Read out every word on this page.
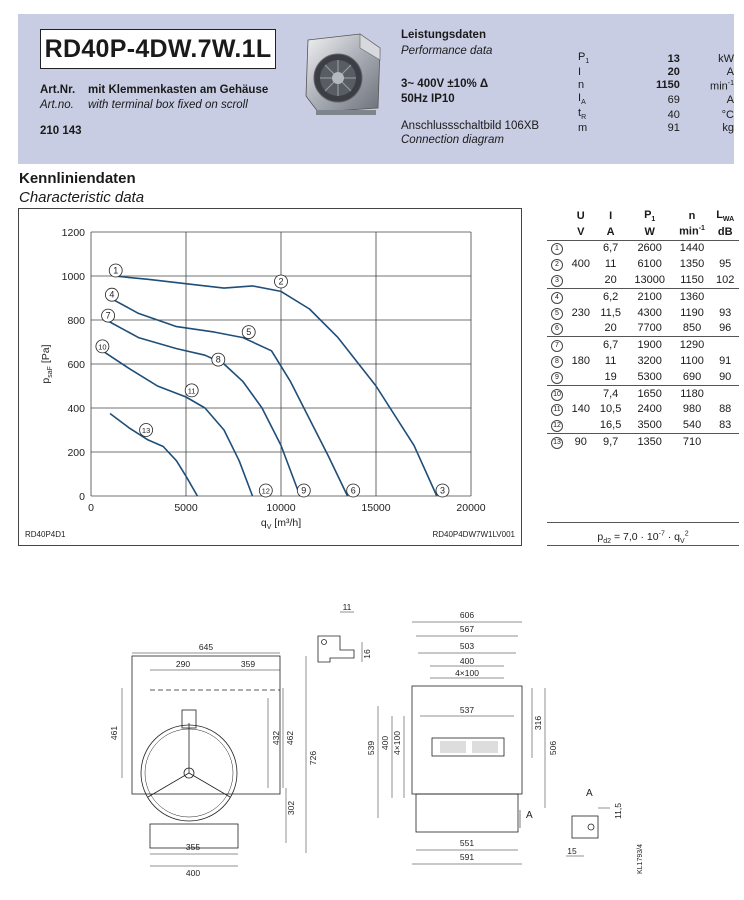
RD40P-4DW.7W.1L
Art.Nr. mit Klemmenkasten am Gehäuse
Art.no. with terminal box fixed on scroll
210 143
Leistungsdaten
Performance data
3~ 400V ±10% Δ
50Hz IP10
Anschlussschaltbild 106XB
Connection diagram
$P_1$	13	kW
I	20	A
n	1150	$\min^{-1}$
$I_A$	69	A
$t_R$	40	°C
m	91	kg
Kennliniendaten
Characteristic data
0	5000	10000	15000	20000
0
200
400
600
800
1000
1200
$q_V$ [m³/h]
$p_{saF}$ [Pa]
RD40P4D1	RD40P4DW7W1LV001
1
2
3
4
5
6
7
8
9
10
11
12
13
	U	I	$P_1$	n	$L_{WA}$
	V	A	W	$\min^{-1}$	dB
1		6,7	2600	1440	
2	400	11	6100	1350	95
3		20	13000	1150	102
4		6,2	2100	1360	
5	230	11,5	4300	1190	93
6		20	7700	850	96
7		6,7	1900	1290	
8	180	11	3200	1100	91
9		19	5300	690	90
10		7,4	1650	1180	
11	140	10,5	2400	980	88
12		16,5	3500	540	83
13	90	9,7	1350	710	
$p_{d2} = 7,0 \cdot 10^{-7} \cdot q_V^2$
645
290	359
461	432 462
726
302
355
400
606
567
503
400
4×100
537
539 400 4×100
316
506
551
591
A
11
16
A
11,5
15	KL1793/4
